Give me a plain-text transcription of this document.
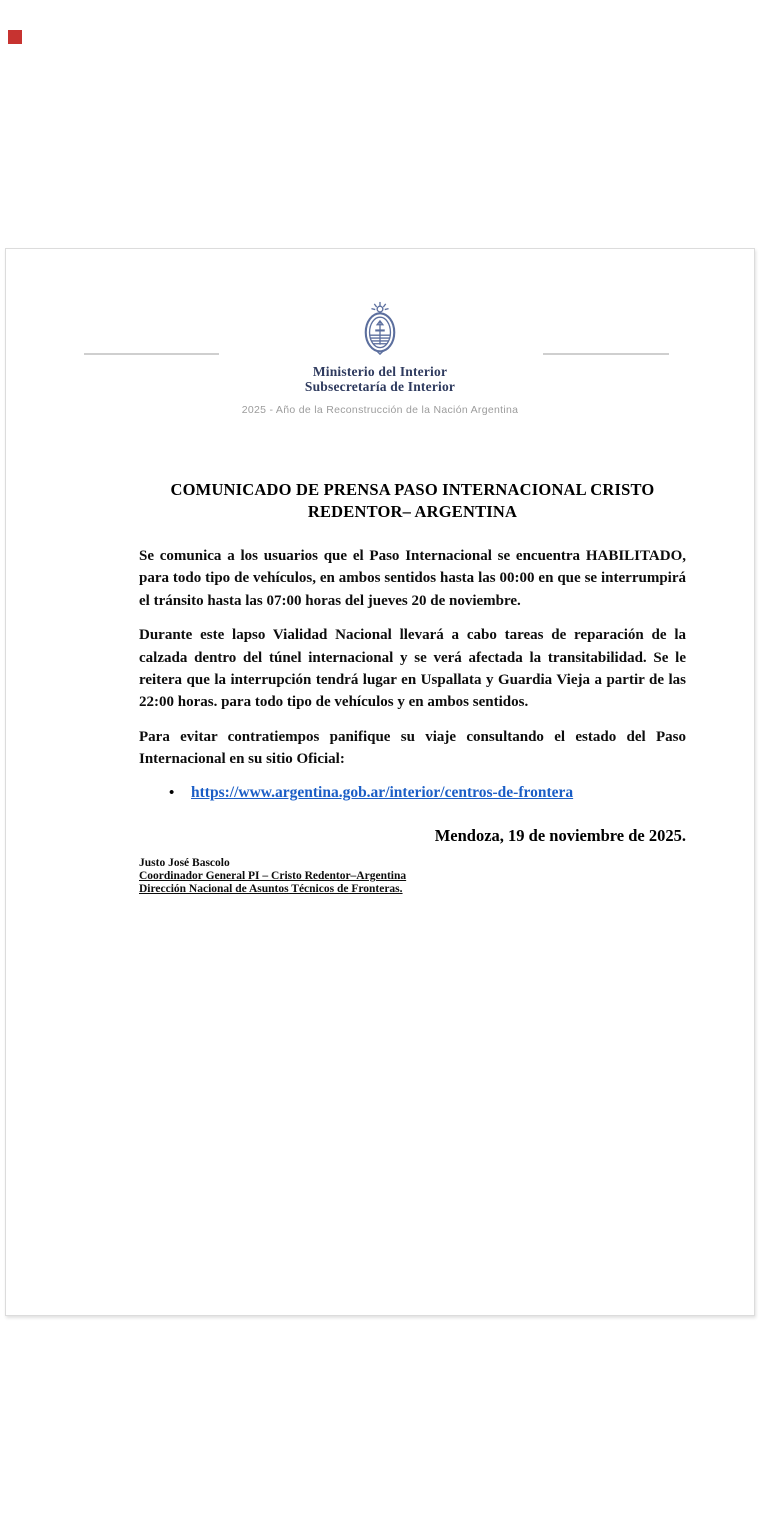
Ministerio del Interior
Subsecretaría de Interior
2025 - Año de la Reconstrucción de la Nación Argentina
COMUNICADO DE PRENSA PASO INTERNACIONAL CRISTO
REDENTOR– ARGENTINA

Se comunica a los usuarios que el Paso Internacional se encuentra HABILITADO, para todo tipo de vehículos, en ambos sentidos hasta las 00:00 en que se interrumpirá el tránsito hasta las 07:00 horas del jueves 20 de noviembre.

Durante este lapso Vialidad Nacional llevará a cabo tareas de reparación de la calzada dentro del túnel internacional y se verá afectada la transitabilidad. Se le reitera que la interrupción tendrá lugar en Uspallata y Guardia Vieja a partir de las 22:00 horas. para todo tipo de vehículos y en ambos sentidos.

Para evitar contratiempos panifique su viaje consultando el estado del Paso Internacional en su sitio Oficial:

• https://www.argentina.gob.ar/interior/centros-de-frontera
Mendoza, 19 de noviembre de 2025.
Justo José Bascolo
Coordinador General PI – Cristo Redentor–Argentina
Dirección Nacional de Asuntos Técnicos de Fronteras.
